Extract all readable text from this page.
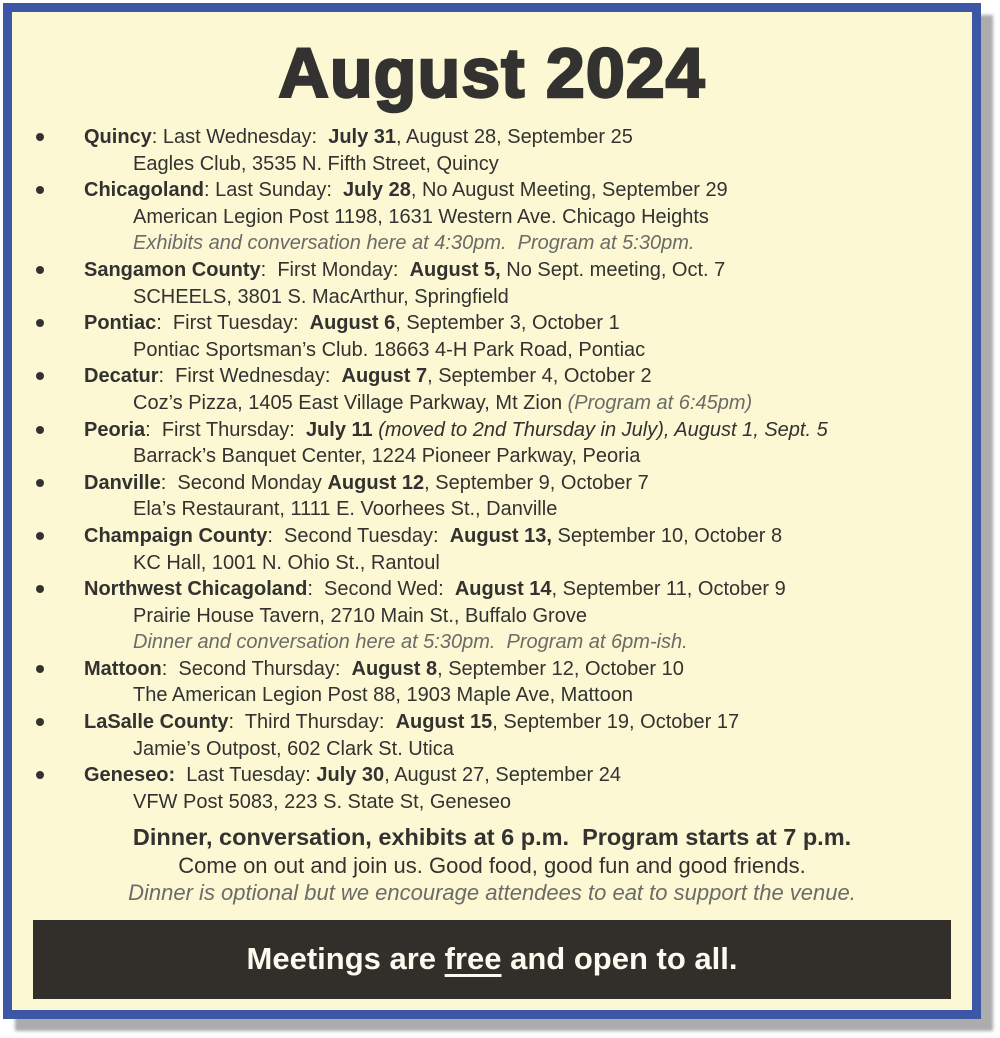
August 2024
Quincy: Last Wednesday:  July 31, August 28, September 25
Eagles Club, 3535 N. Fifth Street, Quincy
Chicagoland: Last Sunday:  July 28, No August Meeting, September 29
American Legion Post 1198, 1631 Western Ave. Chicago Heights
Exhibits and conversation here at 4:30pm.  Program at 5:30pm.
Sangamon County:  First Monday:  August 5, No Sept. meeting, Oct. 7
SCHEELS, 3801 S. MacArthur, Springfield
Pontiac:  First Tuesday:  August 6, September 3, October 1
Pontiac Sportsman’s Club. 18663 4-H Park Road, Pontiac
Decatur:  First Wednesday:  August 7, September 4, October 2
Coz’s Pizza, 1405 East Village Parkway, Mt Zion (Program at 6:45pm)
Peoria:  First Thursday:  July 11 (moved to 2nd Thursday in July), August 1, Sept. 5
Barrack’s Banquet Center, 1224 Pioneer Parkway, Peoria
Danville:  Second Monday August 12, September 9, October 7
Ela’s Restaurant, 1111 E. Voorhees St., Danville
Champaign County:  Second Tuesday:  August 13, September 10, October 8
KC Hall, 1001 N. Ohio St., Rantoul
Northwest Chicagoland:  Second Wed:  August 14, September 11, October 9
Prairie House Tavern, 2710 Main St., Buffalo Grove
Dinner and conversation here at 5:30pm.  Program at 6pm-ish.
Mattoon:  Second Thursday:  August 8, September 12, October 10
The American Legion Post 88, 1903 Maple Ave, Mattoon
LaSalle County:  Third Thursday:  August 15, September 19, October 17
Jamie’s Outpost, 602 Clark St. Utica
Geneseo:  Last Tuesday: July 30, August 27, September 24
VFW Post 5083, 223 S. State St, Geneseo
Dinner, conversation, exhibits at 6 p.m.  Program starts at 7 p.m.
Come on out and join us. Good food, good fun and good friends.
Dinner is optional but we encourage attendees to eat to support the venue.
Meetings are free and open to all.
